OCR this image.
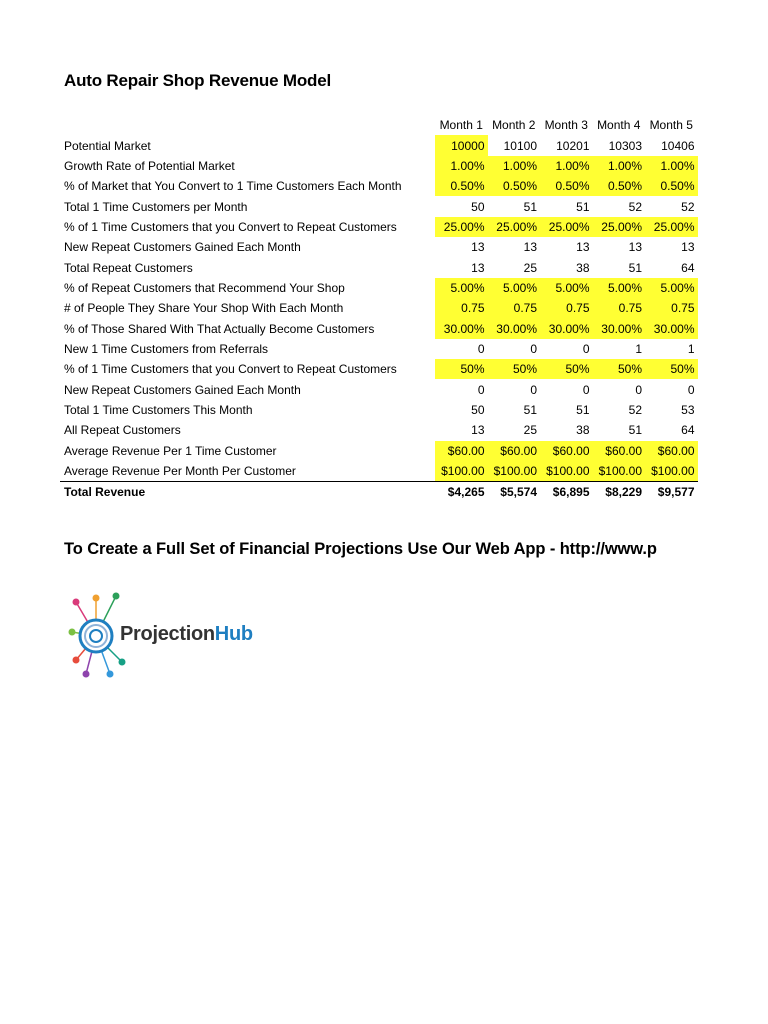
Auto Repair Shop Revenue Model
	Month 1	Month 2	Month 3	Month 4	Month 5
Potential Market	10000	10100	10201	10303	10406
Growth Rate of Potential Market	1.00%	1.00%	1.00%	1.00%	1.00%
% of Market that You Convert to 1 Time Customers Each Month	0.50%	0.50%	0.50%	0.50%	0.50%
Total 1 Time Customers per Month	50	51	51	52	52
% of 1 Time Customers that you Convert to Repeat Customers	25.00%	25.00%	25.00%	25.00%	25.00%
New Repeat Customers Gained Each Month	13	13	13	13	13
Total Repeat Customers	13	25	38	51	64
% of Repeat Customers that Recommend Your Shop	5.00%	5.00%	5.00%	5.00%	5.00%
# of People They Share Your Shop With Each Month	0.75	0.75	0.75	0.75	0.75
% of Those Shared With That Actually Become Customers	30.00%	30.00%	30.00%	30.00%	30.00%
New 1 Time Customers from Referrals	0	0	0	1	1
% of 1 Time Customers that you Convert to Repeat Customers	50%	50%	50%	50%	50%
New Repeat Customers Gained Each Month	0	0	0	0	0
Total 1 Time Customers This Month	50	51	51	52	53
All Repeat Customers	13	25	38	51	64
Average Revenue Per 1 Time Customer	$60.00	$60.00	$60.00	$60.00	$60.00
Average Revenue Per Month Per Customer	$100.00	$100.00	$100.00	$100.00	$100.00
Total Revenue	$4,265	$5,574	$6,895	$8,229	$9,577
To Create a Full Set of Financial Projections Use Our Web App - http://www.p
ProjectionHub
